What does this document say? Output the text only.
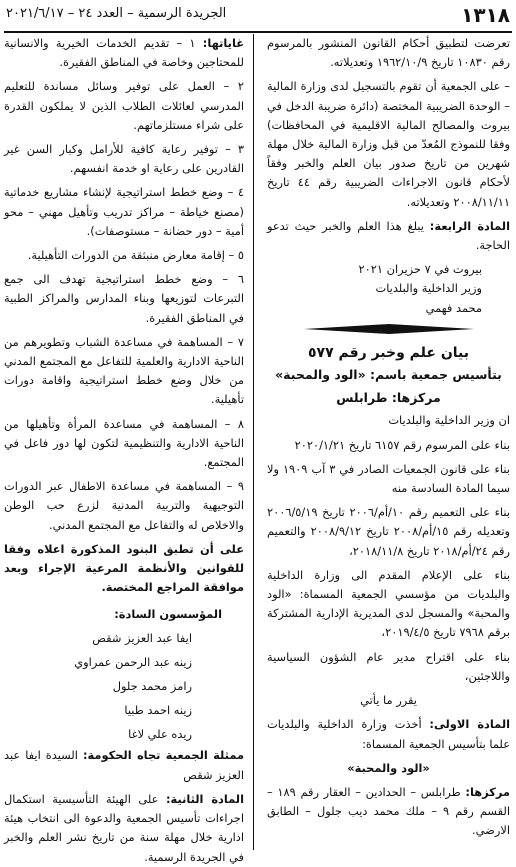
١٣١٨
الجريدة الرسمية – العدد ٢٤ – ٢٠٢١/٦/١٧

تعرضت لتطبيق أحكام القانون المنشور بالمرسوم رقم ١٠٨٣٠ تاريخ ١٩٦٢/١٠/٩ وتعديلاته.

– على الجمعية أن تقوم بالتسجيل لدى وزارة المالية – الوحدة الضريبية المختصة (دائرة ضريبة الدخل في بيروت والمصالح المالية الاقليمية في المحافظات) وفقا للنموذج المُعدّ من قبل وزارة المالية خلال مهلة شهرين من تاريخ صدور بيان العلم والخبر وفقاً لأحكام قانون الاجراءات الضريبية رقم ٤٤ تاريخ ٢٠٠٨/١١/١١ وتعديلاته.

المادة الرابعة: يبلغ هذا العلم والخبر حيث تدعو الحاجة.

بيروت في ٧ حزيران ٢٠٢١

وزير الداخلية والبلديات

محمد فهمي

بيان علم وخبر رقم ٥٧٧
بتأسيس جمعية باسم: «الود والمحبة»
مركزها: طرابلس

ان وزير الداخلية والبلديات

بناء على المرسوم رقم ٦١٥٧ تاريخ ٢٠٢٠/١/٢١

بناء على قانون الجمعيات الصادر في ٣ آب ١٩٠٩ ولا سيما المادة السادسة منه

بناء على التعميم رقم ١٠/أم/٢٠٠٦ تاريخ ٢٠٠٦/٥/١٩ وتعديله رقم ١٥/أم/٢٠٠٨ تاريخ ٢٠٠٨/٩/١٢ والتعميم رقم ٢٤/أم/٢٠١٨ تاريخ ٢٠١٨/١١/٨،

بناء على الإعلام المقدم الى وزارة الداخلية والبلديات من مؤسسي الجمعية المسماة: «الود والمحبة» والمسجل لدى المديرية الإدارية المشتركة برقم ٧٩٦٨ تاريخ ٢٠١٩/٤/٥،

بناء على اقتراح مدير عام الشؤون السياسية واللاجئين،

يقرر ما يأتي

المادة الاولى: أخذت وزارة الداخلية والبلديات علما بتأسيس الجمعية المسماة:

«الود والمحبة»

مركزها: طرابلس – الحدادين – العقار رقم ١٨٩ – القسم رقم ٩ – ملك محمد ديب جلول – الطابق الارضي.

غاياتها: ١ – تقديم الخدمات الخيرية والانسانية للمحتاجين وخاصة في المناطق الفقيرة.

٢ – العمل على توفير وسائل مساندة للتعليم المدرسي لعائلات الطلاب الذين لا يملكون القدرة على شراء مستلزماتهم.

٣ – توفير رعاية كافية للأرامل وكبار السن غير القادرين على رعاية او خدمة انفسهم.

٤ – وضع خطط استراتيجية لإنشاء مشاريع خدماتية (مصنع خياطة – مراكز تدريب وتأهيل مهني – محو أمية – دور حضانة – مستوصفات).

٥ – إقامة معارض منبثقة من الدورات التأهيلية.

٦ – وضع خطط استراتيجية تهدف الى جمع التبرعات لتوزيعها وبناء المدارس والمراكز الطبية في المناطق الفقيرة.

٧ – المساهمة في مساعدة الشباب وتطويرهم من الناحية الادارية والعلمية للتفاعل مع المجتمع المدني من خلال وضع خطط استراتيجية واقامة دورات تأهيلية.

٨ – المساهمة في مساعدة المرأة وتأهيلها من الناحية الادارية والتنظيمية لتكون لها دور فاعل في المجتمع.

٩ – المساهمة في مساعدة الاطفال عبر الدورات التوجيهية والتربية المدنية لزرع حب الوطن والاخلاص له والتفاعل مع المجتمع المدني.

على أن تطبق البنود المذكورة اعلاه وفقا للقوانين والأنظمة المرعية الإجراء وبعد موافقة المراجع المختصة.

المؤسسون السادة:
ايفا عبد العزيز شقص
زينه عبد الرحمن عمراوي
رامز محمد جلول
زينه احمد طبيا
ريده علي لاغا

ممثلة الجمعية تجاه الحكومة: السيدة ايفا عبد العزيز شقص

المادة الثانية: على الهيئة التأسيسية استكمال اجراءات تأسيس الجمعية والدعوة الى انتخاب هيئة ادارية خلال مهلة سنة من تاريخ نشر العلم والخبر في الجريدة الرسمية.
